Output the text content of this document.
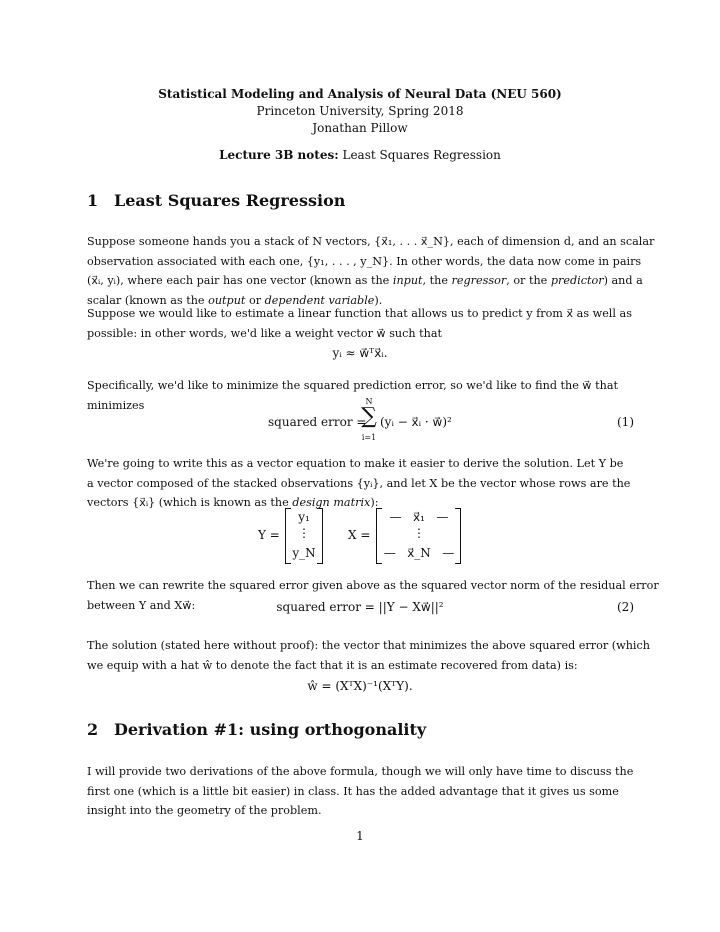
Statistical Modeling and Analysis of Neural Data (NEU 560)
Princeton University, Spring 2018
Jonathan Pillow
Lecture 3B notes: Least Squares Regression
1 Least Squares Regression
Suppose someone hands you a stack of N vectors, {x⃗₁, . . . x⃗_N}, each of dimension d, and an scalar
observation associated with each one, {y₁, . . . , y_N}. In other words, the data now come in pairs
(x⃗ᵢ, yᵢ), where each pair has one vector (known as the input, the regressor, or the predictor) and a
scalar (known as the output or dependent variable).
Suppose we would like to estimate a linear function that allows us to predict y from x⃗ as well as
possible: in other words, we'd like a weight vector w⃗ such that
yᵢ ≈ w⃗ᵀx⃗ᵢ.
Specifically, we'd like to minimize the squared prediction error, so we'd like to find the w⃗ that
minimizes
squared error =
N
∑
i=1
(yᵢ − x⃗ᵢ · w⃗)²	(1)
We're going to write this as a vector equation to make it easier to derive the solution. Let Y be
a vector composed of the stacked observations {yᵢ}, and let X be the vector whose rows are the
vectors {x⃗ᵢ} (which is known as the design matrix):
Y =
y₁
⋮
y_N
X =
—   x⃗₁   —
⋮
—   x⃗_N   —
Then we can rewrite the squared error given above as the squared vector norm of the residual error
between Y and Xw⃗:	squared error = ||Y − Xw⃗||²	(2)
The solution (stated here without proof): the vector that minimizes the above squared error (which
we equip with a hat ŵ to denote the fact that it is an estimate recovered from data) is:
ŵ = (XᵀX)⁻¹(XᵀY).
2 Derivation #1: using orthogonality
I will provide two derivations of the above formula, though we will only have time to discuss the
first one (which is a little bit easier) in class. It has the added advantage that it gives us some
insight into the geometry of the problem.
1
